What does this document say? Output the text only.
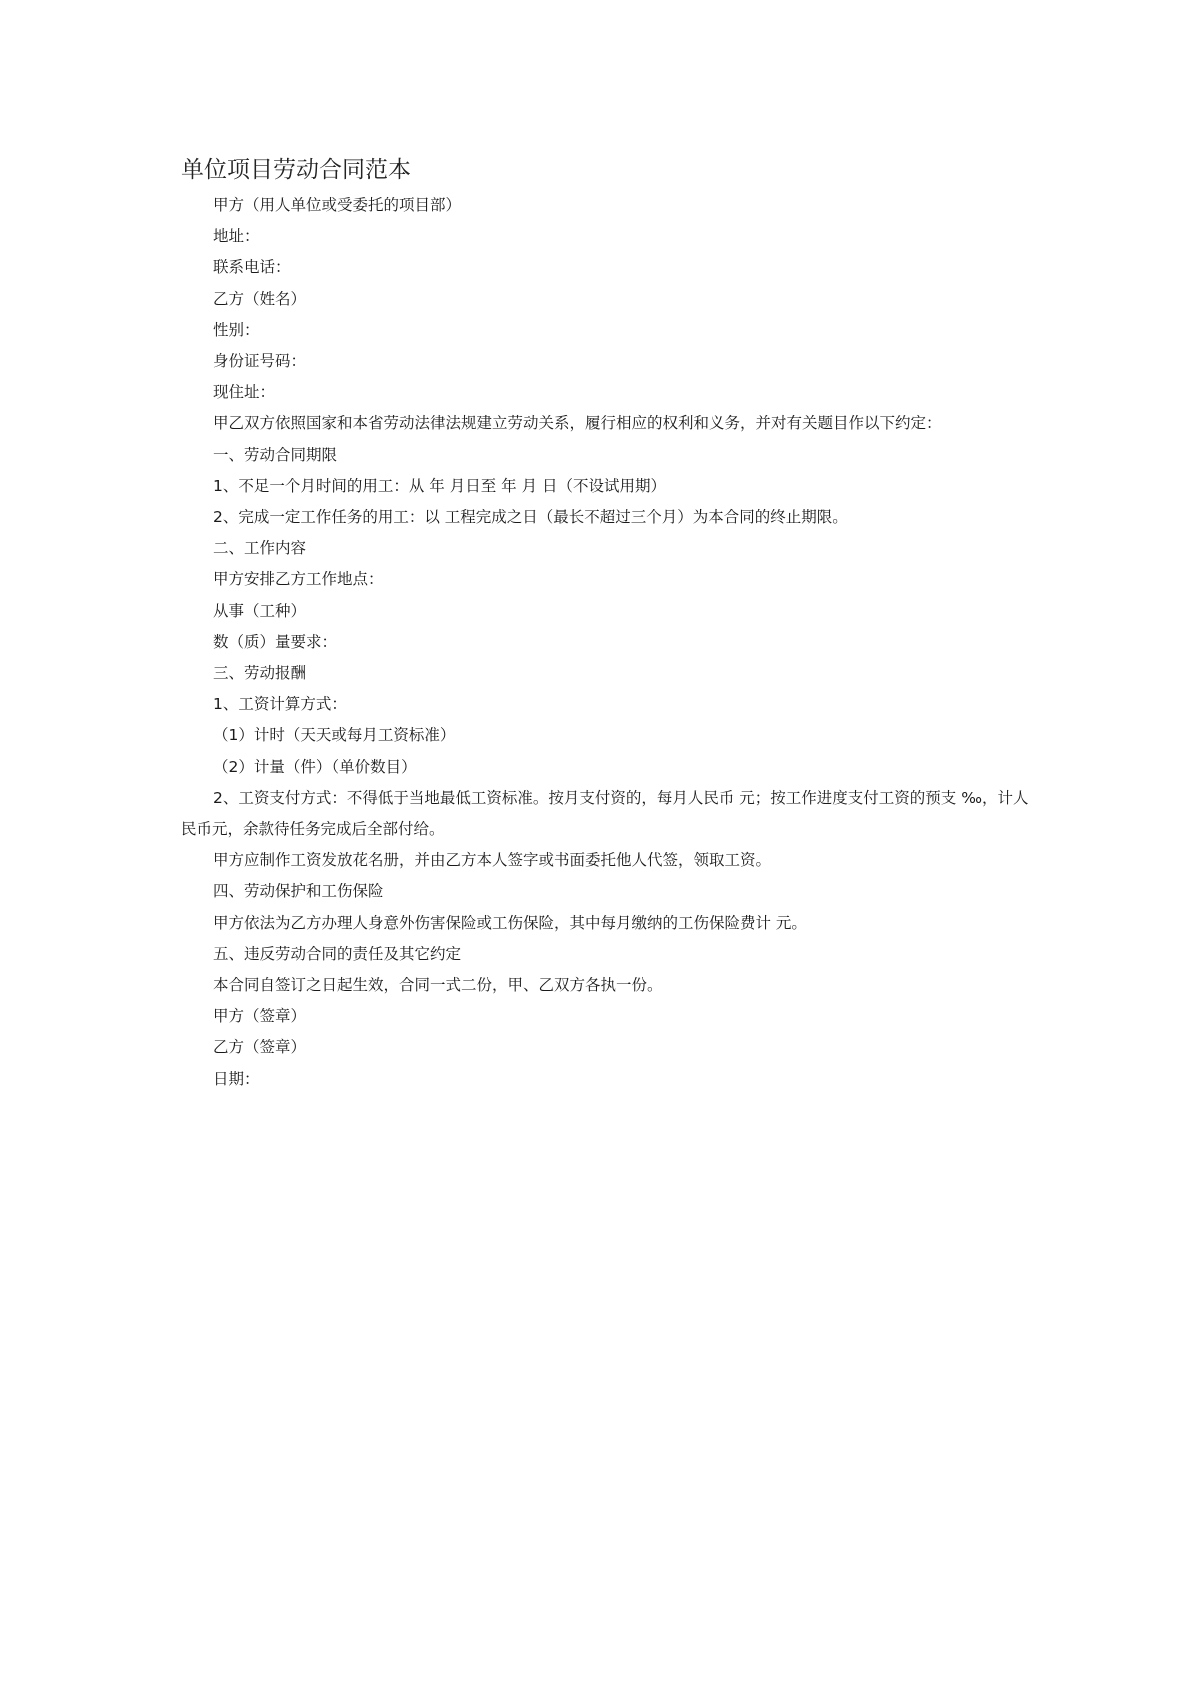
单位项目劳动合同范本

甲方（用人单位或受委托的项目部）

地址：

联系电话：

乙方（姓名）

性别：

身份证号码：

现住址：

甲乙双方依照国家和本省劳动法律法规建立劳动关系，履行相应的权利和义务，并对有关题目作以下约定：

一、劳动合同期限

1、不足一个月时间的用工：从 年 月日至 年 月 日（不设试用期）

2、完成一定工作任务的用工：以 工程完成之日（最长不超过三个月）为本合同的终止期限。

二、工作内容

甲方安排乙方工作地点：

从事（工种）

数（质）量要求：

三、劳动报酬

1、工资计算方式：

（1）计时（天天或每月工资标准）

（2）计量（件）（单价数目）

2、工资支付方式：不得低于当地最低工资标准。按月支付资的，每月人民币 元；按工作进度支付工资的预支 ‰，计人民币元，余款待任务完成后全部付给。

甲方应制作工资发放花名册，并由乙方本人签字或书面委托他人代签，领取工资。

四、劳动保护和工伤保险

甲方依法为乙方办理人身意外伤害保险或工伤保险，其中每月缴纳的工伤保险费计 元。

五、违反劳动合同的责任及其它约定

本合同自签订之日起生效，合同一式二份，甲、乙双方各执一份。

甲方（签章）

乙方（签章）

日期：
